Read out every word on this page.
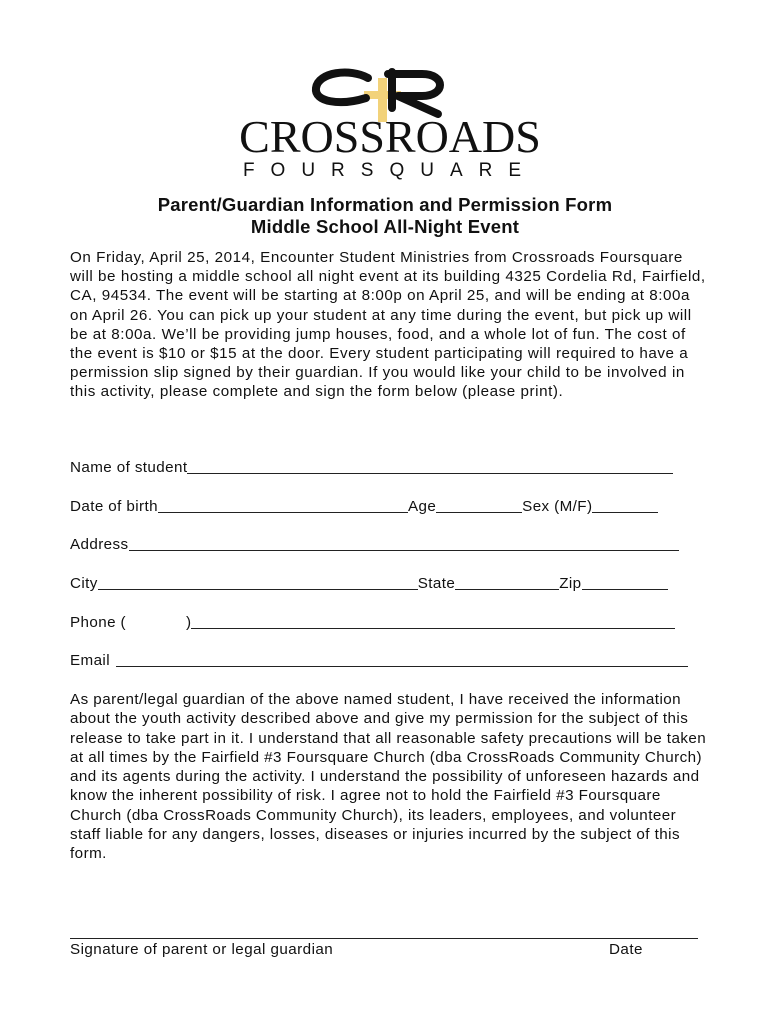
CROSSROADS
FOURSQUARE
Parent/Guardian Information and Permission Form
Middle School All-Night Event

On Friday, April 25, 2014, Encounter Student Ministries from Crossroads Foursquare will be hosting a middle school all night event at its building 4325 Cordelia Rd, Fairfield, CA, 94534. The event will be starting at 8:00p on April 25, and will be ending at 8:00a on April 26. You can pick up your student at any time during the event, but pick up will be at 8:00a. We’ll be providing jump houses, food, and a whole lot of fun. The cost of the event is $10 or $15 at the door. Every student participating will required to have a permission slip signed by their guardian. If you would like your child to be involved in this activity, please complete and sign the form below (please print).

Name of student
Date of birth	Age	Sex (M/F)
Address
City	State	Zip
Phone (	)
Email

As parent/legal guardian of the above named student, I have received the information about the youth activity described above and give my permission for the subject of this release to take part in it. I understand that all reasonable safety precautions will be taken at all times by the Fairfield #3 Foursquare Church (dba CrossRoads Community Church) and its agents during the activity. I understand the possibility of unforeseen hazards and know the inherent possibility of risk. I agree not to hold the Fairfield #3 Foursquare Church (dba CrossRoads Community Church), its leaders, employees, and volunteer staff liable for any dangers, losses, diseases or injuries incurred by the subject of this form.

Signature of parent or legal guardian	Date
